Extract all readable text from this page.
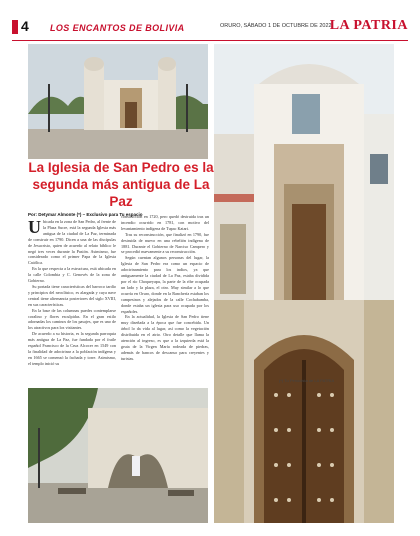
4 LOS ENCANTOS DE BOLIVIA	ORURO, SÁBADO 1 DE OCTUBRE DE 2022
LA PATRIA
(*) Tu Periodista de LA PATRIA
La Iglesia de San Pedro es la segunda más antigua de La Paz
Por: Detymar Almonte (*) – Exclusivo para Tu espacio
U bicada en la zona de San Pedro, al frente de la Plaza Sucre, está la segunda Iglesia más antigua de la ciudad de La Paz, terminada de construir en 1790. Dicen a una de las discípulas de Jesucristo, quien de acuerdo al relato bíblico le negó tres veces durante la Pasión. Asimismo, fue considerado como el primer Papa de la Iglesia Católica.

En la que respecta a la estructura, está ubicada en la calle Colombia y C. Genovés de la zona de Gobierno.

Su portada tiene características del barroco tardío y principios del neoclásico, es alargada y cuya nave central tiene alternancia posteriores del siglo XVIII, en sus características.

En la base de las columnas puedes contemplarse coralino y flores esculpidas. En el gran estilo adornadas los caminos de los pasajes, que es uno de los atractivos para los visitantes.

De acuerdo a su historia, es la segunda parroquia más antigua de La Paz, fue fundada por el fraile español Francisco de la Cruz Alcocer en 1549 con la finalidad de adoctrinar a la población indígena y en 1665 se comenzó la fachada y torre. Asimismo, el templo inició su

construcción en 1720, pero quedó destruida tras un incendio ocurrido en 1781, con motivo del levantamiento indígena de Tupac Katari.

Tras su reconstrucción, que finalizó en 1790, fue destruida de nuevo en una rebelión indígena de 1881. Durante el Gobierno de Narciso Campero y se procedió nuevamente a su reconstrucción.

Según cuentan algunos personas del lugar, la Iglesia de San Pedro era como un espacio de adoctrinamiento para los indios, ya que antiguamente la ciudad de La Paz, estaba dividida por el río Choqueyapu, la parte de la ribe ocupada un lado y la plaza, el otro. Muy similar a lo que ocurría en Oruro, donde en la Ranchería estaban los campesinos y alejados de la calle Cochabamba, donde estaba un iglesia para uso ocupada por los españoles.

En la actualidad, la Iglesia de San Pedro tiene muy diseñada a la época que fue concebida. Un árbol lo da vida al lugar, así como la vegetación distribuida en el atrio. Otro detalle que llama la atención al ingreso, es que a la izquierda está la gruta de la Virgen María rodeada de piedras, además de bancos de descanso para creyentes y turistas.
